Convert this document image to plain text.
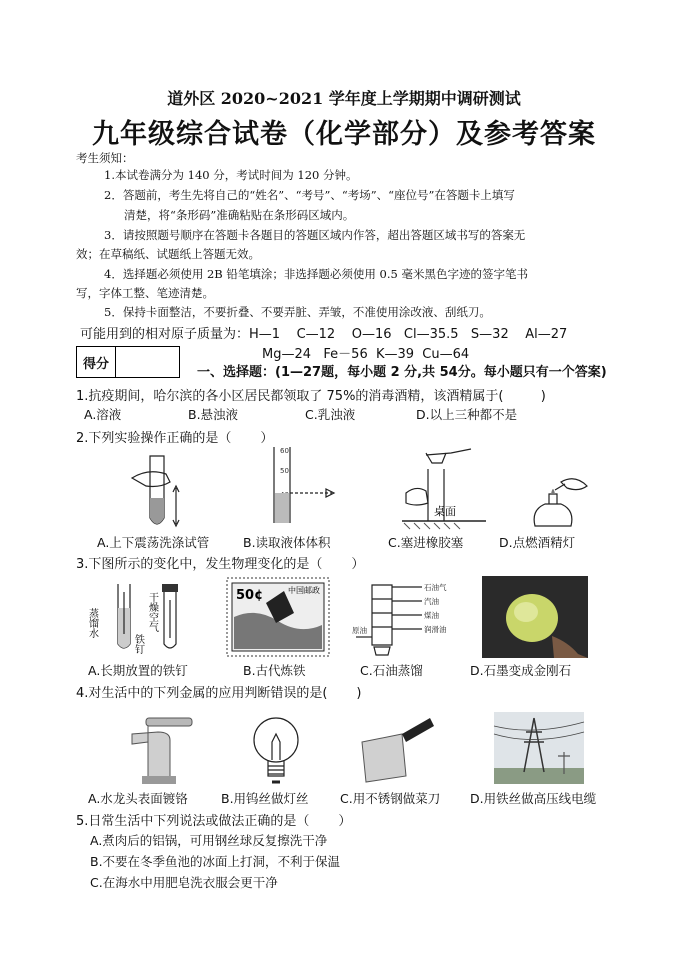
道外区 2020~2021 学年度上学期期中调研测试
九年级综合试卷（化学部分）及参考答案
考生须知：
1.本试卷满分为 140 分，考试时间为 120 分钟。
2．答题前，考生先将自己的“姓名”、“考号”、“考场”、“座位号”在答题卡上填写
清楚，将“条形码”准确粘贴在条形码区域内。
3．请按照题号顺序在答题卡各题目的答题区域内作答，超出答题区域书写的答案无
效；在草稿纸、试题纸上答题无效。
4．选择题必须使用 2B 铅笔填涂；非选择题必须使用 0.5 毫米黑色字迹的签字笔书
写，字体工整、笔迹清楚。
5．保持卡面整洁，不要折叠、不要弄脏、弄皱，不准使用涂改液、刮纸刀。
可能用到的相对原子质量为：H—1    C—12    O—16   Cl—35.5   S—32    Al—27
Mg—24   Fe－56  K—39  Cu—64
得分
一、选择题：(1—27题，每小题 2 分,共 54分。每小题只有一个答案)
1.抗疫期间，哈尔滨的各小区居民都领取了 75%的消毒酒精，该酒精属于(         )
A.溶液	B.悬浊液	C.乳浊液	D.以上三种都不是
2.下列实验操作正确的是（       ）
A.上下震荡洗涤试管
60
50
B.读取液体体积
桌面
C.塞进橡胶塞	D.点燃酒精灯
3.下图所示的变化中，发生物理变化的是（       ）
蒸馏水	干燥空气
铁钉
A.长期放置的铁钉
50¢	中国邮政
B.古代炼铁
石油气
汽油
煤油
润滑油
原油
C.石油蒸馏	D.石墨变成金刚石
4.对生活中的下列金属的应用判断错误的是(       )
A.水龙头表面镀铬	B.用钨丝做灯丝	C.用不锈钢做菜刀 D.用铁丝做高压线电缆
5.日常生活中下列说法或做法正确的是（       ）
A.煮肉后的铝锅，可用钢丝球反复擦洗干净
B.不要在冬季鱼池的冰面上打洞，不利于保温
C.在海水中用肥皂洗衣服会更干净
